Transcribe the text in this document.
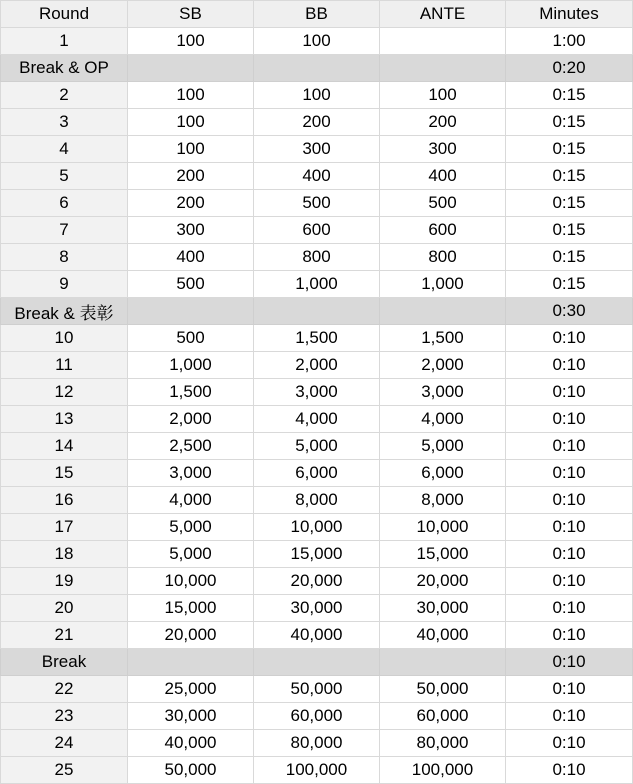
Round	SB	BB	ANTE	Minutes
1	100	100		1:00
Break & OP				0:20
2	100	100	100	0:15
3	100	200	200	0:15
4	100	300	300	0:15
5	200	400	400	0:15
6	200	500	500	0:15
7	300	600	600	0:15
8	400	800	800	0:15
9	500	1,000	1,000	0:15
Break & 表彰				0:30
10	500	1,500	1,500	0:10
11	1,000	2,000	2,000	0:10
12	1,500	3,000	3,000	0:10
13	2,000	4,000	4,000	0:10
14	2,500	5,000	5,000	0:10
15	3,000	6,000	6,000	0:10
16	4,000	8,000	8,000	0:10
17	5,000	10,000	10,000	0:10
18	5,000	15,000	15,000	0:10
19	10,000	20,000	20,000	0:10
20	15,000	30,000	30,000	0:10
21	20,000	40,000	40,000	0:10
Break				0:10
22	25,000	50,000	50,000	0:10
23	30,000	60,000	60,000	0:10
24	40,000	80,000	80,000	0:10
25	50,000	100,000	100,000	0:10
